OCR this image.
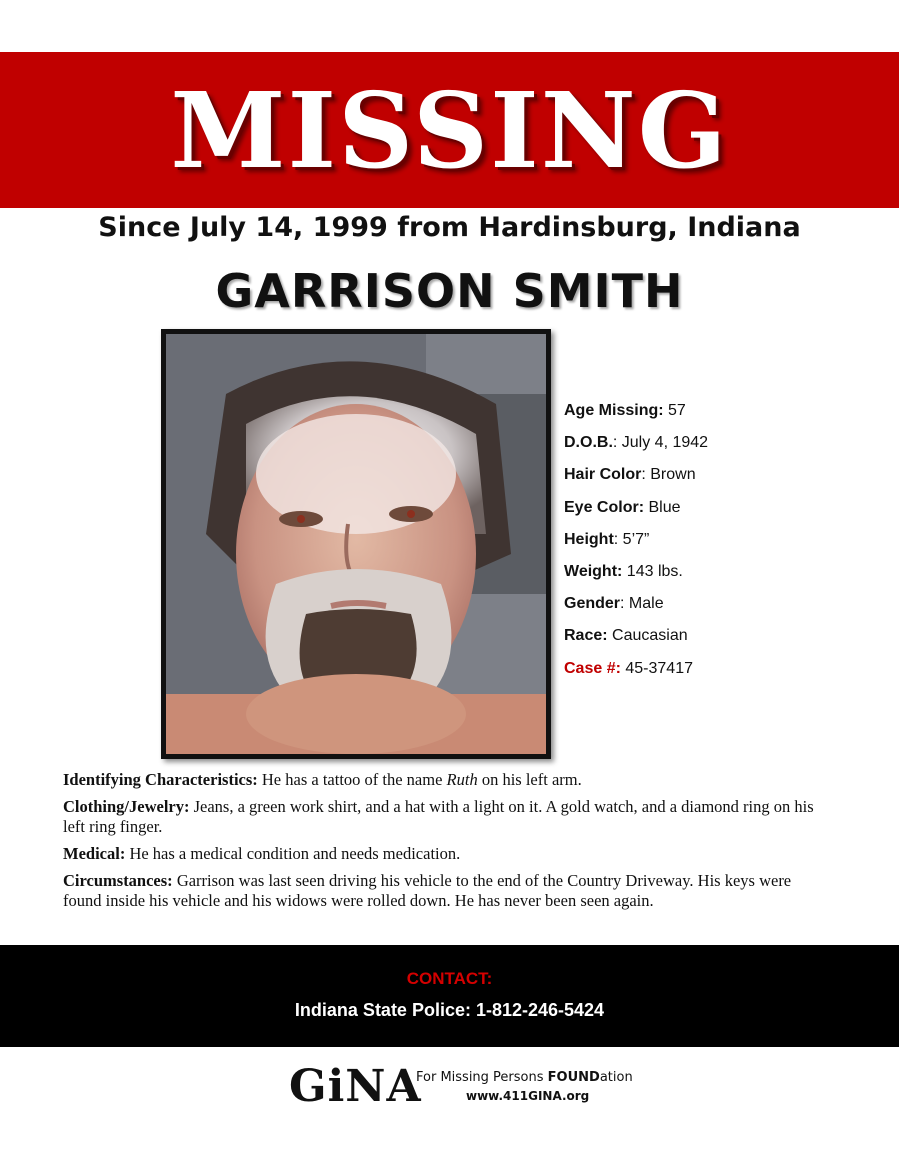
MISSING
Since July 14, 1999 from Hardinsburg, Indiana
GARRISON SMITH
Age Missing: 57
D.O.B.: July 4, 1942
Hair Color: Brown
Eye Color: Blue
Height: 5’7”
Weight: 143 lbs.
Gender: Male
Race: Caucasian
Case #: 45-37417

Identifying Characteristics: He has a tattoo of the name Ruth on his left arm.

Clothing/Jewelry: Jeans, a green work shirt, and a hat with a light on it. A gold watch, and a diamond ring on his left ring finger.

Medical: He has a medical condition and needs medication.

Circumstances: Garrison was last seen driving his vehicle to the end of the Country Driveway. His keys were found inside his vehicle and his widows were rolled down. He has never been seen again.

CONTACT:
Indiana State Police: 1-812-246-5424
GiNA
For Missing Persons FOUNDation
www.411GINA.org
